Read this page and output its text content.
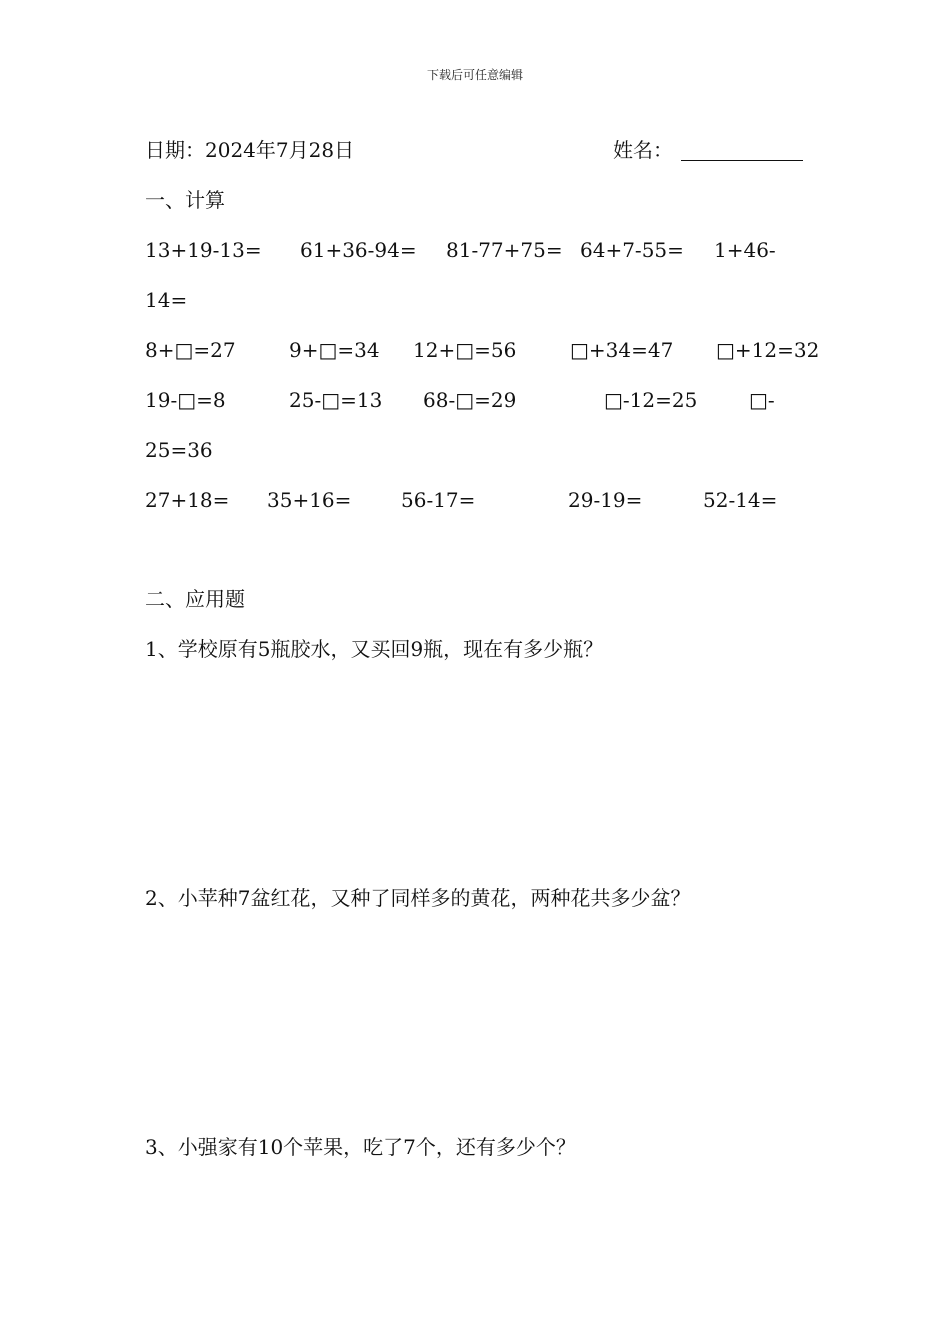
下载后可任意编辑
日期：2024年7月28日	姓名：
一、计算
13+19-13= 61+36-94= 81-77+75= 64+7-55= 1+46-
14=
8+□=27	9+□=34 12+□=56	□+34=47 □+12=32
19-□=8	25-□=13 68-□=29	□-12=25	□-
25=36
27+18= 35+16= 56-17=	29-19=	52-14=
二、应用题
1、学校原有5瓶胶水，又买回9瓶，现在有多少瓶？
2、小苹种7盆红花，又种了同样多的黄花，两种花共多少盆？
3、小强家有10个苹果，吃了7个，还有多少个？
